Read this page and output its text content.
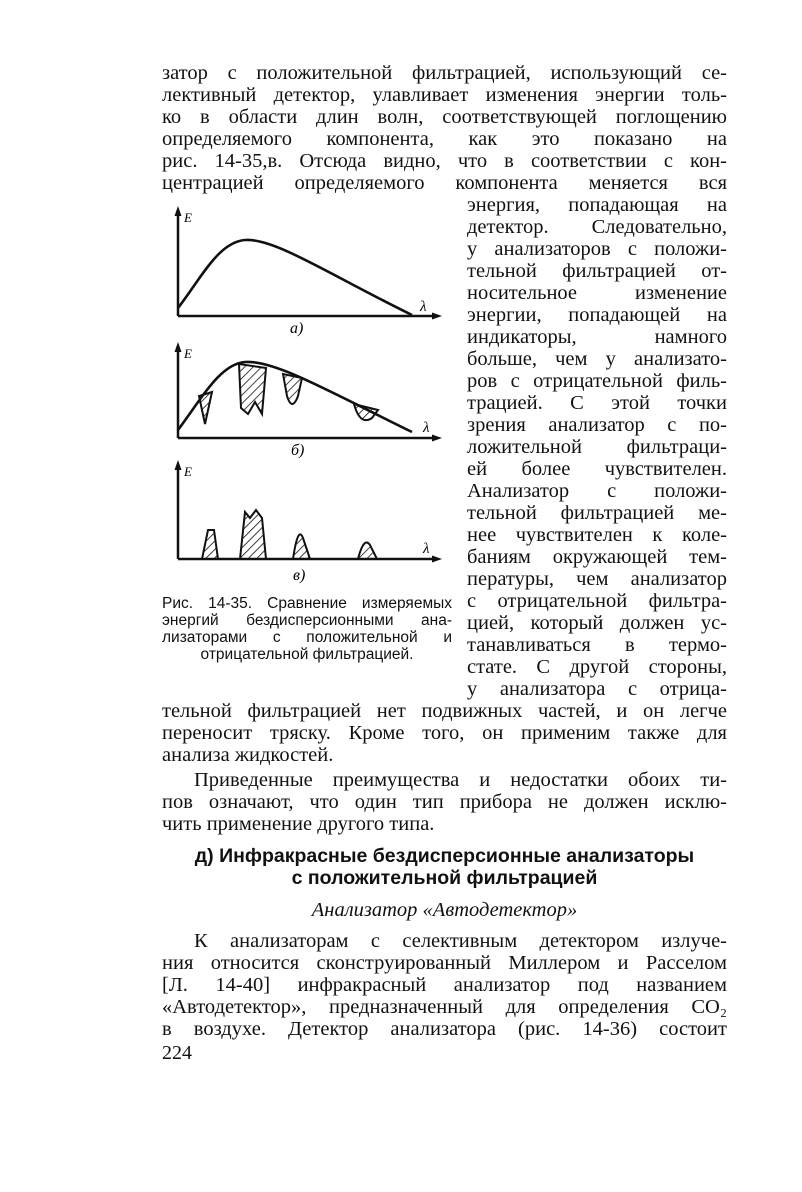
затор с положительной фильтрацией, использующий се-
лективный детектор, улавливает изменения энергии толь-
ко в области длин волн, соответствующей поглощению
определяемого компонента, как это показано на
рис. 14-35,в. Отсюда видно, что в соответствии с кон-
центрацией определяемого компонента меняется вся
энергия, попадающая на
детектор. Следовательно,
у анализаторов с положи-
тельной фильтрацией от-
носительное изменение
энергии, попадающей на
индикаторы, намного
больше, чем у анализато-
ров с отрицательной филь-
трацией. С этой точки
зрения анализатор с по-
ложительной фильтраци-
ей более чувствителен.
Анализатор с положи-
тельной фильтрацией ме-
нее чувствителен к коле-
баниям окружающей тем-
пературы, чем анализатор
с отрицательной фильтра-
цией, который должен ус-
танавливаться в термо-
стате. С другой стороны,
у анализатора с отрица-
тельной фильтрацией нет подвижных частей, и он легче
переносит тряску. Кроме того, он применим также для
анализа жидкостей.
Приведенные преимущества и недостатки обоих ти-
пов означают, что один тип прибора не должен исклю-
чить применение другого типа.
д) Инфракрасные бездисперсионные анализаторы
с положительной фильтрацией
Анализатор «Автодетектор»
К анализаторам с селективным детектором излуче-
ния относится сконструированный Миллером и Расселом
[Л. 14-40] инфракрасный анализатор под названием
«Автодетектор», предназначенный для определения CO₂
в воздухе. Детектор анализатора (рис. 14-36) состоит
224
E
λ
а)
E
λ
б)
E
λ
в)
Рис. 14-35. Сравнение измеряемых
энергий бездисперсионными ана-
лизаторами с положительной и
отрицательной фильтрацией.
